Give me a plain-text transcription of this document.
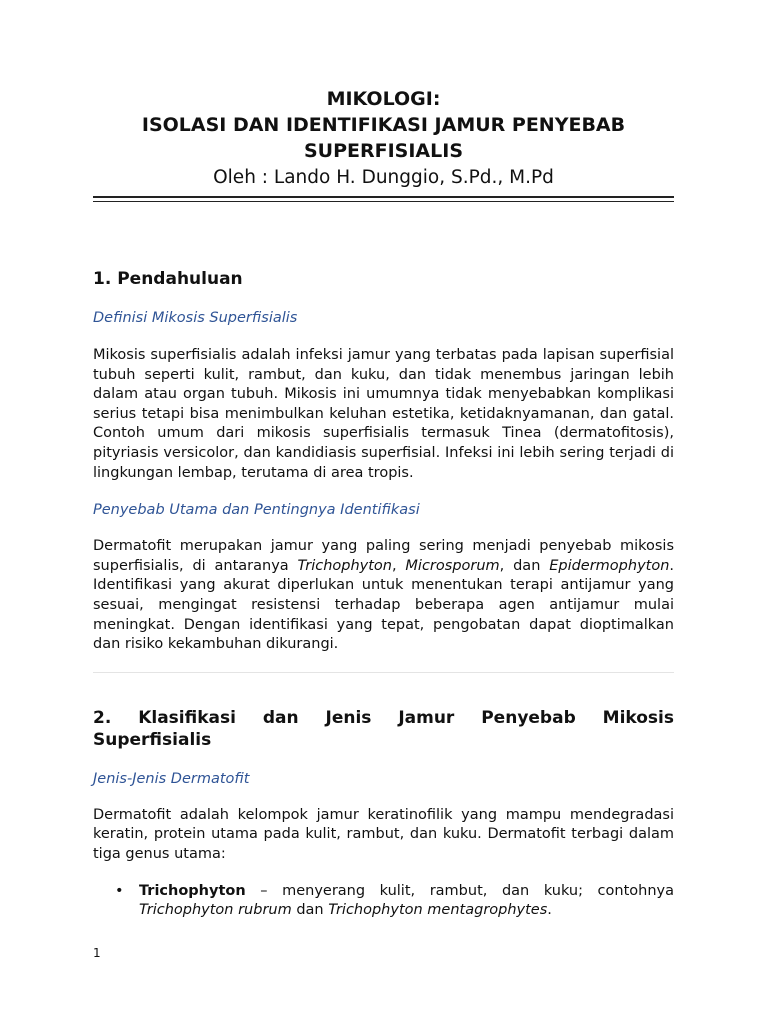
MIKOLOGI:
ISOLASI DAN IDENTIFIKASI JAMUR PENYEBAB
SUPERFISIALIS
Oleh : Lando H. Dunggio, S.Pd., M.Pd
1. Pendahuluan

Definisi Mikosis Superfisialis

Mikosis superfisialis adalah infeksi jamur yang terbatas pada lapisan superfisial tubuh seperti kulit, rambut, dan kuku, dan tidak menembus jaringan lebih dalam atau organ tubuh. Mikosis ini umumnya tidak menyebabkan komplikasi serius tetapi bisa menimbulkan keluhan estetika, ketidaknyamanan, dan gatal. Contoh umum dari mikosis superfisialis termasuk Tinea (dermatofitosis), pityriasis versicolor, dan kandidiasis superfisial. Infeksi ini lebih sering terjadi di lingkungan lembap, terutama di area tropis.

Penyebab Utama dan Pentingnya Identifikasi

Dermatofit merupakan jamur yang paling sering menjadi penyebab mikosis superfisialis, di antaranya Trichophyton, Microsporum, dan Epidermophyton. Identifikasi yang akurat diperlukan untuk menentukan terapi antijamur yang sesuai, mengingat resistensi terhadap beberapa agen antijamur mulai meningkat. Dengan identifikasi yang tepat, pengobatan dapat dioptimalkan dan risiko kekambuhan dikurangi.

2. Klasifikasi dan Jenis Jamur Penyebab Mikosis
Superfisialis

Jenis-Jenis Dermatofit

Dermatofit adalah kelompok jamur keratinofilik yang mampu mendegradasi keratin, protein utama pada kulit, rambut, dan kuku. Dermatofit terbagi dalam tiga genus utama:

• Trichophyton – menyerang kulit, rambut, dan kuku; contohnya Trichophyton rubrum dan Trichophyton mentagrophytes.
1
